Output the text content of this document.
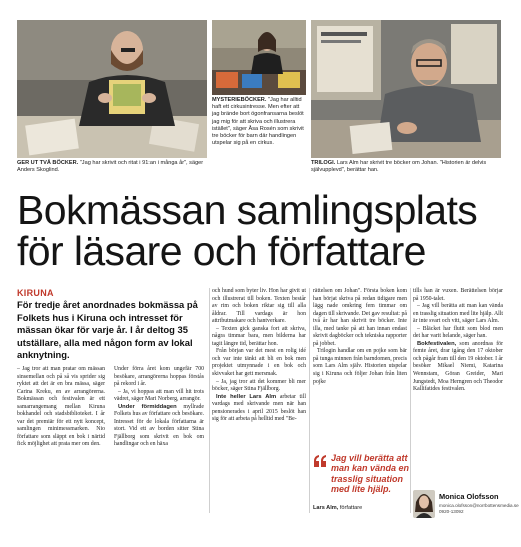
GER UT TVÅ BÖCKER. "Jag har skrivit och ritat i 91:an i många år", säger Anders Skoglind.
MYSTERIEBÖCKER. "Jag har alltid haft ett cirkusintresse. Men efter att jag brände bort ögonfransarna beslöt jag mig för att skriva och illustrera istället", säger Åsa Rosén som skrivit tre böcker för barn där handlingen utspelar sig på en cirkus.
TRILOGI. Lars Alm har skrivit tre böcker om Johan. "Historien är delvis självupplevd", berättar han.
Bokmässan samlingsplats
för läsare och författare
KIRUNA
För tredje året anordnades bokmässa på Folkets hus i Kiruna och intresset för mässan ökar för varje år. I år deltog 35 utställare, alla med någon form av lokal anknytning.

– Jag tror att man pratar om mässan sinsemellan och på så vis sprider sig ryktet att det är en bra mässa, säger Carina Kreku, en av arrangörerna. Bokmässan och festivalen är ett samarrangemang mellan Kiruna bokhandel och stadsbiblioteket. I år var det premiär för ett nytt koncept, samlingen minimessmarken. Nio författare som släppt en bok i närtid fick möjlighet att prata mer om den.

Under förra året kom ungefär 700 besökare, arrangörerna hoppas förstås på rekord i år.

– Ja, vi hoppas att man vill hit trots vädret, säger Mari Norberg, arrangör.

Under förmiddagen myllrade Folkets hus av författare och besökare. Intresset för de lokala författarna är stort. Vid ett av borden sitter Stina Fjällborg som skrivit en bok om handlingar och en häxa

och hund som byter liv. Hon har givit ut och illustrerat till boken. Texten består av rim och boken riktar sig till alla åldrar. Till vardags är hon attributmakare och hantverkare.

– Texten gick ganska fort att skriva, några timmar bara, men bilderna har tagit längre tid, berättar hon.

Från början var det mest en rolig idé och var inte tänkt att bli en bok men projektet utmynnade i en bok och skivvaket har gett mersmak.

– Ja, jag tror att det kommer bli mer böcker, säger Stina Fjällborg.

Inte heller Lars Alm arbetar till vardags med skrivande men när han pensionerades i april 2015 beslöt han sig för att arbeta på helltid med "Be-

rättelsen om Johan". Första boken kom han börjat skriva på redan tidigare men lägg nade omkring fem timmar om dagen till skrivande. Det gav resultat: på två år har han skrivit tre böcker. Inte illa, med tanke på att han innan endast skrivit dagböcker och tekniska rapporter på jobbet.

Trilogin handlar om en pojke som bär på tunga minnen från barndomen, precis som Lars Alm själv. Historien utspelar sig i Kiruna och följer Johan från liten pojke

tills han är vuxen. Berättelsen börjar på 1950-talet.

– Jag vill berätta att man kan vända en trasslig situation med lite hjälp. Allt är inte svart och vitt, säger Lars Alm.

– Bläcket har flutit som blod men det har varit helande, säger han.

Bokfestivalen, som anordnas för femte året, drar igång den 17 oktober och pågår fram till den 19 oktober. I år besöker Mikael Niemi, Katarina Wennstam, Göran Greider, Mari Jungstedt, Moa Herngren och Theodor Kallifatides festivalen.

Jag vill berätta att man kan vända en trasslig situation med lite hjälp.
Lars Alm, författare
Monica Olofsson
monica.olofsson@norrbottensmedia.se
0920-13092
